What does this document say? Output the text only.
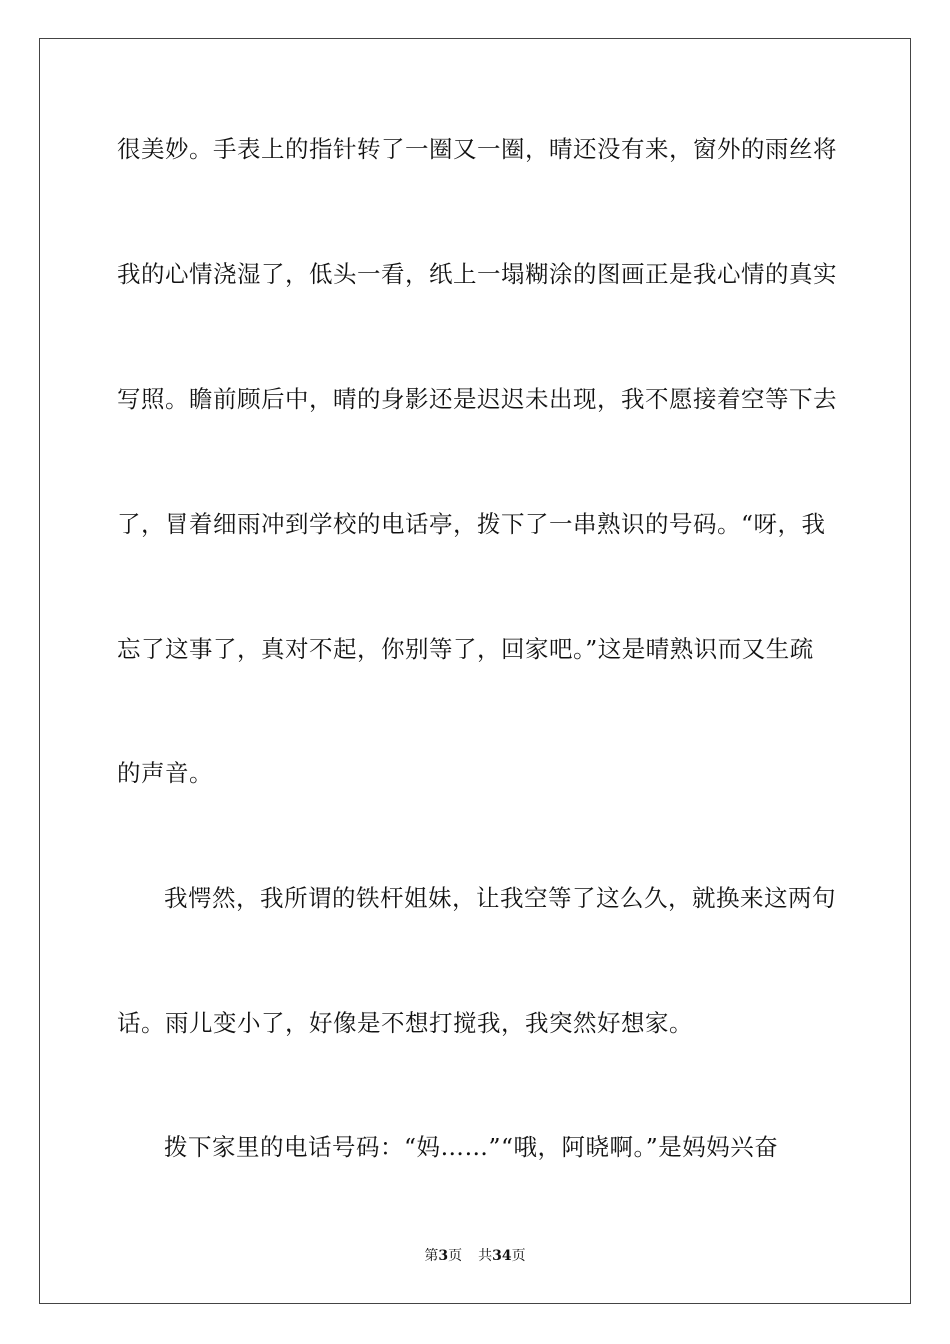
很美妙。手表上的指针转了一圈又一圈，晴还没有来，窗外的雨丝将
我的心情浇湿了，低头一看，纸上一塌糊涂的图画正是我心情的真实
写照。瞻前顾后中，晴的身影还是迟迟未出现，我不愿接着空等下去
了，冒着细雨冲到学校的电话亭，拨下了一串熟识的号码。“呀，我
忘了这事了，真对不起，你别等了，回家吧。”这是晴熟识而又生疏
的声音。
我愕然，我所谓的铁杆姐妹，让我空等了这么久，就换来这两句
话。雨儿变小了，好像是不想打搅我，我突然好想家。
拨下家里的电话号码：“妈……”“哦，阿晓啊。”是妈妈兴奋
第3页 共34页
